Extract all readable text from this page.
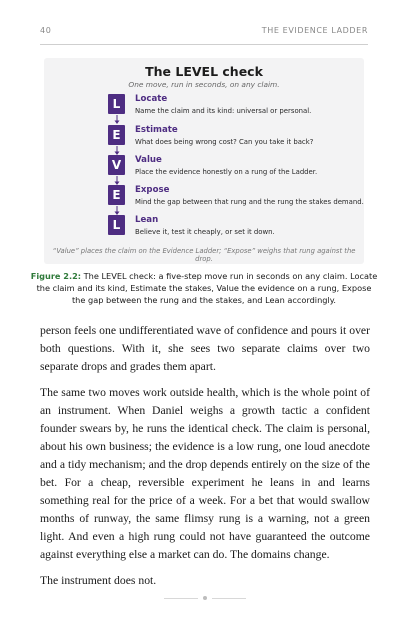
40	THE EVIDENCE LADDER
The LEVEL check
One move, run in seconds, on any claim.
L	Locate
Name the claim and its kind: universal or personal.
E	Estimate
What does being wrong cost? Can you take it back?
V	Value
Place the evidence honestly on a rung of the Ladder.
E	Expose
Mind the gap between that rung and the rung the stakes demand.
L	Lean
Believe it, test it cheaply, or set it down.
“Value” places the claim on the Evidence Ladder; “Expose” weighs that rung against the drop.
Figure 2.2: The LEVEL check: a five-step move run in seconds on any claim. Locate the claim and its kind, Estimate the stakes, Value the evidence on a rung, Expose the gap between the rung and the stakes, and Lean accordingly.

person feels one undifferentiated wave of confidence and pours it over both questions. With it, she sees two separate claims over two separate drops and grades them apart.

The same two moves work outside health, which is the whole point of an instrument. When Daniel weighs a growth tactic a confident founder swears by, he runs the identical check. The claim is personal, about his own business; the evidence is a low rung, one loud anecdote and a tidy mechanism; and the drop depends entirely on the size of the bet. For a cheap, reversible experiment he leans in and learns something real for the price of a week. For a bet that would swallow months of runway, the same flimsy rung is a warning, not a green light. And even a high rung could not have guaranteed the outcome against everything else a market can do. The domains change.

The instrument does not.
